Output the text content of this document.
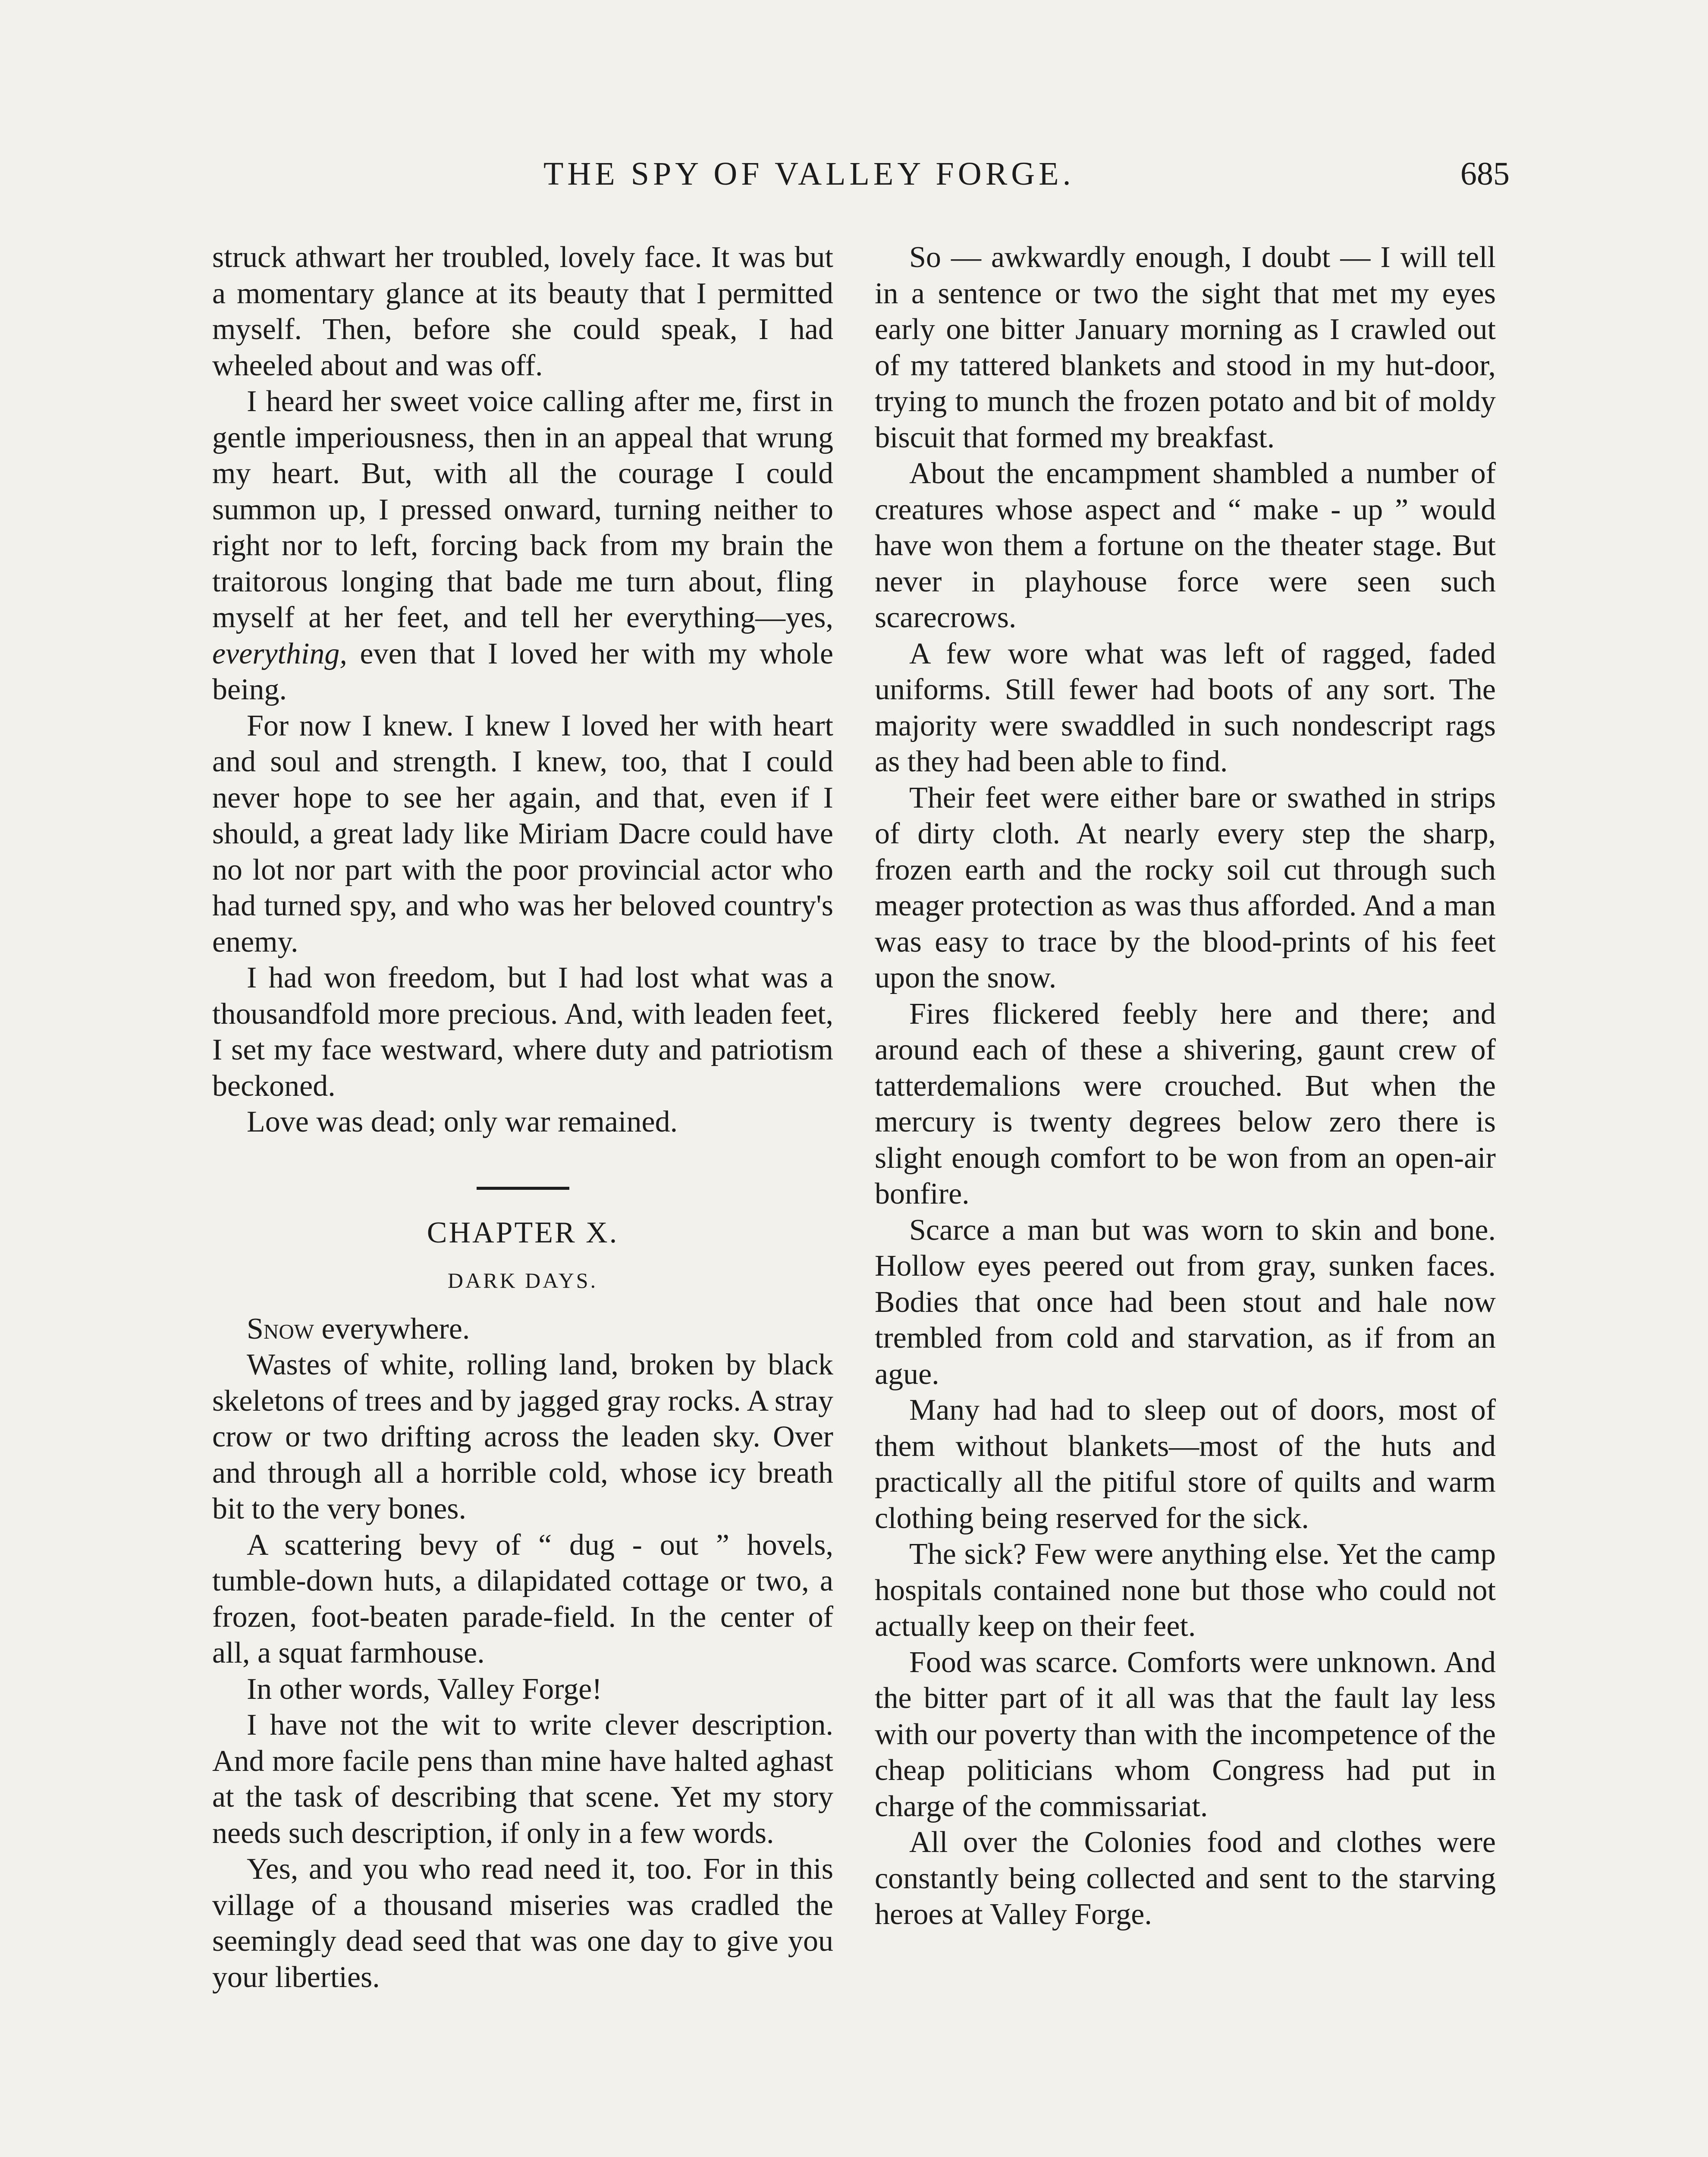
THE SPY OF VALLEY FORGE.	685

struck athwart her troubled, lovely face. It was but a momentary glance at its beauty that I permitted myself. Then, before she could speak, I had wheeled about and was off.

I heard her sweet voice calling after me, first in gentle imperiousness, then in an appeal that wrung my heart. But, with all the courage I could summon up, I pressed onward, turning neither to right nor to left, forcing back from my brain the traitorous longing that bade me turn about, fling myself at her feet, and tell her everything—yes, everything, even that I loved her with my whole being.

For now I knew. I knew I loved her with heart and soul and strength. I knew, too, that I could never hope to see her again, and that, even if I should, a great lady like Miriam Dacre could have no lot nor part with the poor provincial actor who had turned spy, and who was her beloved country's enemy.

I had won freedom, but I had lost what was a thousandfold more precious. And, with leaden feet, I set my face westward, where duty and patriotism beckoned.

Love was dead; only war remained.

CHAPTER X.
DARK DAYS.

Snow everywhere.

Wastes of white, rolling land, broken by black skeletons of trees and by jagged gray rocks. A stray crow or two drifting across the leaden sky. Over and through all a horrible cold, whose icy breath bit to the very bones.

A scattering bevy of “ dug - out ” hovels, tumble-down huts, a dilapidated cottage or two, a frozen, foot-beaten parade-field. In the center of all, a squat farmhouse.

In other words, Valley Forge!

I have not the wit to write clever description. And more facile pens than mine have halted aghast at the task of describing that scene. Yet my story needs such description, if only in a few words.

Yes, and you who read need it, too. For in this village of a thousand miseries was cradled the seemingly dead seed that was one day to give you your liberties.

So — awkwardly enough, I doubt — I will tell in a sentence or two the sight that met my eyes early one bitter January morning as I crawled out of my tattered blankets and stood in my hut-door, trying to munch the frozen potato and bit of moldy biscuit that formed my breakfast.

About the encampment shambled a number of creatures whose aspect and “ make - up ” would have won them a fortune on the theater stage. But never in playhouse force were seen such scarecrows.

A few wore what was left of ragged, faded uniforms. Still fewer had boots of any sort. The majority were swaddled in such nondescript rags as they had been able to find.

Their feet were either bare or swathed in strips of dirty cloth. At nearly every step the sharp, frozen earth and the rocky soil cut through such meager protection as was thus afforded. And a man was easy to trace by the blood-prints of his feet upon the snow.

Fires flickered feebly here and there; and around each of these a shivering, gaunt crew of tatterdemalions were crouched. But when the mercury is twenty degrees below zero there is slight enough comfort to be won from an open-air bonfire.

Scarce a man but was worn to skin and bone. Hollow eyes peered out from gray, sunken faces. Bodies that once had been stout and hale now trembled from cold and starvation, as if from an ague.

Many had had to sleep out of doors, most of them without blankets—most of the huts and practically all the pitiful store of quilts and warm clothing being reserved for the sick.

The sick? Few were anything else. Yet the camp hospitals contained none but those who could not actually keep on their feet.

Food was scarce. Comforts were unknown. And the bitter part of it all was that the fault lay less with our poverty than with the incompetence of the cheap politicians whom Congress had put in charge of the commissariat.

All over the Colonies food and clothes were constantly being collected and sent to the starving heroes at Valley Forge.
